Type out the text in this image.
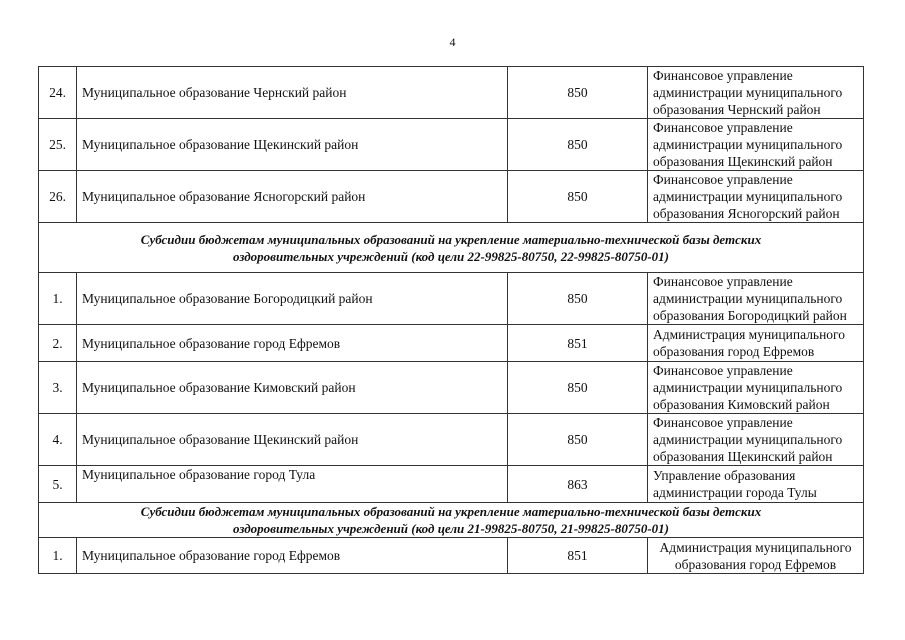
4
24.	Муниципальное образование Чернский район	850	Финансовое управление администрации муниципального образования Чернский район
25.	Муниципальное образование Щекинский район	850	Финансовое управление администрации муниципального образования Щекинский район
26.	Муниципальное образование Ясногорский район	850	Финансовое управление администрации муниципального образования Ясногорский район
Субсидии бюджетам муниципальных образований на укрепление материально-технической базы детских
оздоровительных учреждений (код цели 22-99825-80750, 22-99825-80750-01)			
1.	Муниципальное образование Богородицкий район	850	Финансовое управление администрации муниципального образования Богородицкий район
2.	Муниципальное образование город Ефремов	851	Администрация муниципального образования город Ефремов
3.	Муниципальное образование Кимовский район	850	Финансовое управление администрации муниципального образования Кимовский район
4.	Муниципальное образование Щекинский район	850	Финансовое управление администрации муниципального образования Щекинский район
5.	Муниципальное образование город Тула	863	Управление образования администрации города Тулы
Субсидии бюджетам муниципальных образований на укрепление материально-технической базы детских
оздоровительных учреждений (код цели 21-99825-80750, 21-99825-80750-01)			
1.	Муниципальное образование город Ефремов	851	Администрация муниципального образования город Ефремов
